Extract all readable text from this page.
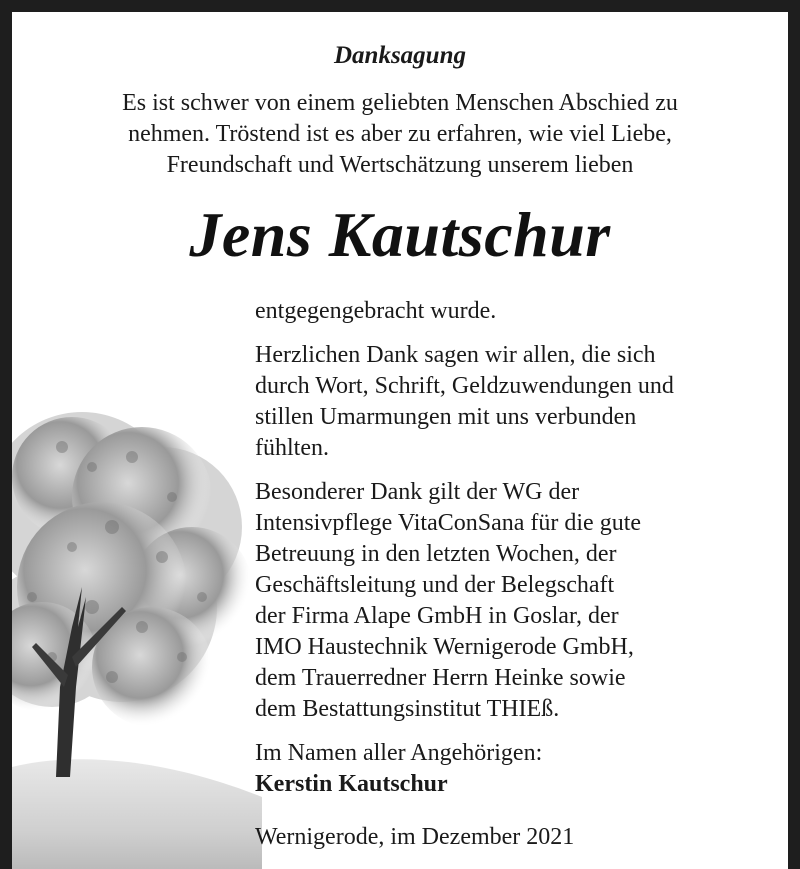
Danksagung
Es ist schwer von einem geliebten Menschen Abschied zu
nehmen. Tröstend ist es aber zu erfahren, wie viel Liebe,
Freundschaft und Wertschätzung unserem lieben
Jens Kautschur

entgegengebracht wurde.

Herzlichen Dank sagen wir allen, die sich

durch Wort, Schrift, Geldzuwendungen und

stillen Umarmungen mit uns verbunden

fühlten.

Besonderer Dank gilt der WG der

Intensivpflege VitaConSana für die gute

Betreuung in den letzten Wochen, der

Geschäftsleitung und der Belegschaft

der Firma Alape GmbH in Goslar, der

IMO Haustechnik Wernigerode GmbH,

dem Trauerredner Herrn Heinke sowie

dem Bestattungsinstitut THIEß.

Im Namen aller Angehörigen:

Kerstin Kautschur

Wernigerode, im Dezember 2021
